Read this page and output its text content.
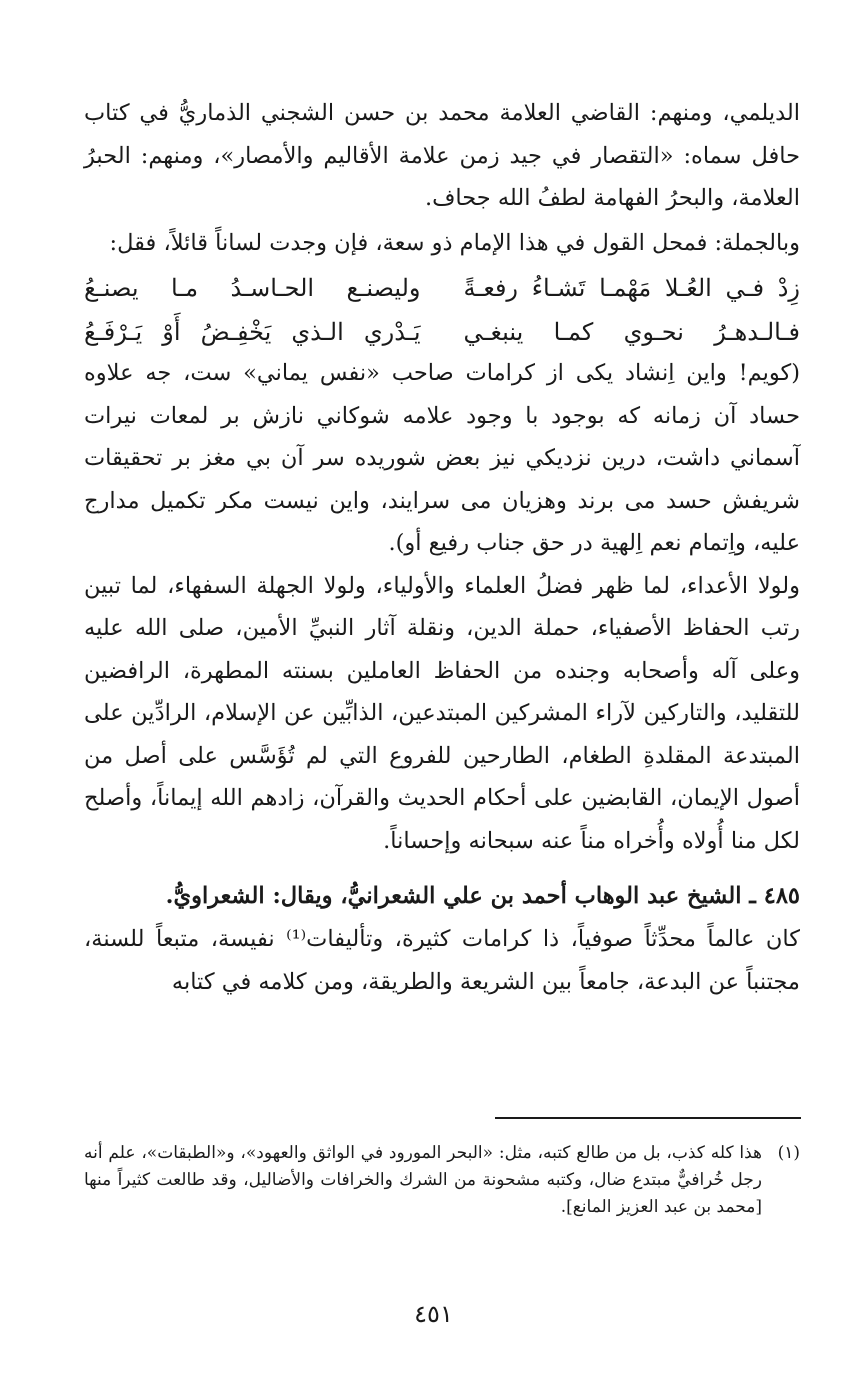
الديلمي، ومنهم: القاضي العلامة محمد بن حسن الشجني الذماريُّ في كتاب حافل سماه: «التقصار في جيد زمن علامة الأقاليم والأمصار»، ومنهم: الحبرُ العلامة، والبحرُ الفهامة لطفُ الله جحاف.

وبالجملة: فمحل القول في هذا الإمام ذو سعة، فإن وجدت لساناً قائلاً، فقل:

زِدْ فـي العُـلا مَهْمـا تَشـاءُ رفعـةً
وليصنـع الحـاسـدُ مـا يصنـعُ
فـالـدهـرُ نحـوي كمـا ينبغـي
يَـدْري الـذي يَخْفِـضُ أَوْ يَـرْفَـعُ

(كويم! واين اِنشاد يكى از كرامات صاحب «نفس يماني» ست، جه علاوه حساد آن زمانه كه بوجود با وجود علامه شوكاني نازش بر لمعات نيرات آسماني داشت، درين نزديكي نيز بعض شوريده سر آن بي مغز بر تحقيقات شريفش حسد مى برند وهزيان مى سرايند، واين نيست مكر تكميل مدارج عليه، واِتمام نعم اِلهية در حق جناب رفيع أو).

ولولا الأعداء، لما ظهر فضلُ العلماء والأولياء، ولولا الجهلة السفهاء، لما تبين رتب الحفاظ الأصفياء، حملة الدين، ونقلة آثار النبيِّ الأمين، صلى الله عليه وعلى آله وأصحابه وجنده من الحفاظ العاملين بسنته المطهرة، الرافضين للتقليد، والتاركين لآراء المشركين المبتدعين، الذابِّين عن الإسلام، الرادِّين على المبتدعة المقلدةِ الطغام، الطارحين للفروع التي لم تُؤَسَّس على أصل من أصول الإيمان، القابضين على أحكام الحديث والقرآن، زادهم الله إيماناً، وأصلح لكل منا أُولاه وأُخراه مناً عنه سبحانه وإحساناً.

٤٨٥ ـ الشيخ عبد الوهاب أحمد بن علي الشعرانيُّ، ويقال: الشعراويُّ.

كان عالماً محدِّثاً صوفياً، ذا كرامات كثيرة، وتأليفات⁽¹⁾ نفيسة، متبعاً للسنة، مجتنباً عن البدعة، جامعاً بين الشريعة والطريقة، ومن كلامه في كتابه

(١)
هذا كله كذب، بل من طالع كتبه، مثل: «البحر المورود في الواثق والعهود»، و«الطبقات»، علم أنه رجل خُرافيٌّ مبتدع ضال، وكتبه مشحونة من الشرك والخرافات والأضاليل، وقد طالعت كثيراً منها [محمد بن عبد العزيز المانع].
٤٥١
